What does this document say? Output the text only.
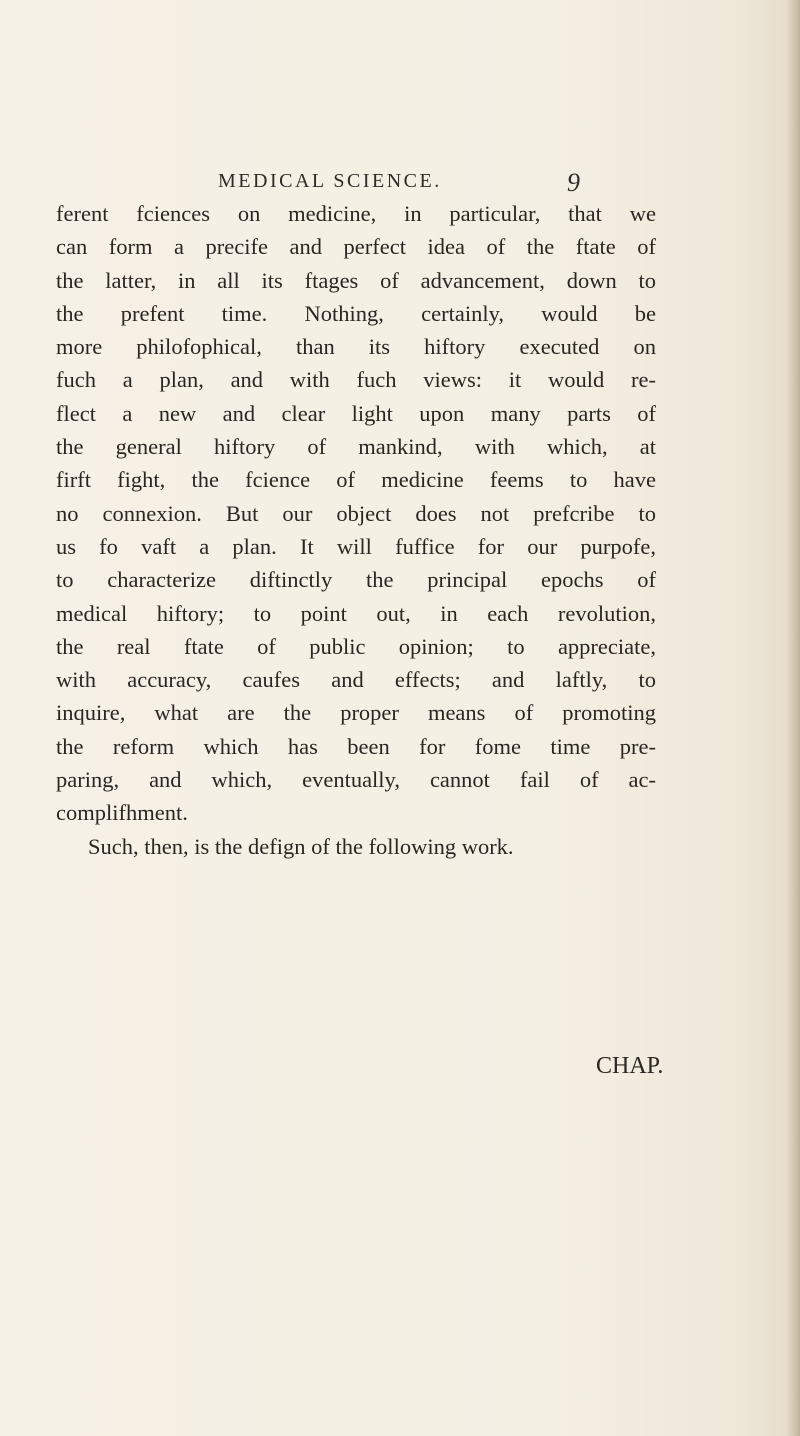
MEDICAL SCIENCE.	9
ferent fciences on medicine, in particular, that we
can form a precife and perfect idea of the ftate of
the latter, in all its ftages of advancement, down to
the prefent time. Nothing, certainly, would be
more philofophical, than its hiftory executed on
fuch a plan, and with fuch views: it would re-
flect a new and clear light upon many parts of
the general hiftory of mankind, with which, at
firft fight, the fcience of medicine feems to have
no connexion. But our object does not prefcribe to
us fo vaft a plan. It will fuffice for our purpofe,
to characterize diftinctly the principal epochs of
medical hiftory; to point out, in each revolution,
the real ftate of public opinion; to appreciate,
with accuracy, caufes and effects; and laftly, to
inquire, what are the proper means of promoting
the reform which has been for fome time pre-
paring, and which, eventually, cannot fail of ac-
complifhment.
Such, then, is the defign of the following work.
CHAP.
